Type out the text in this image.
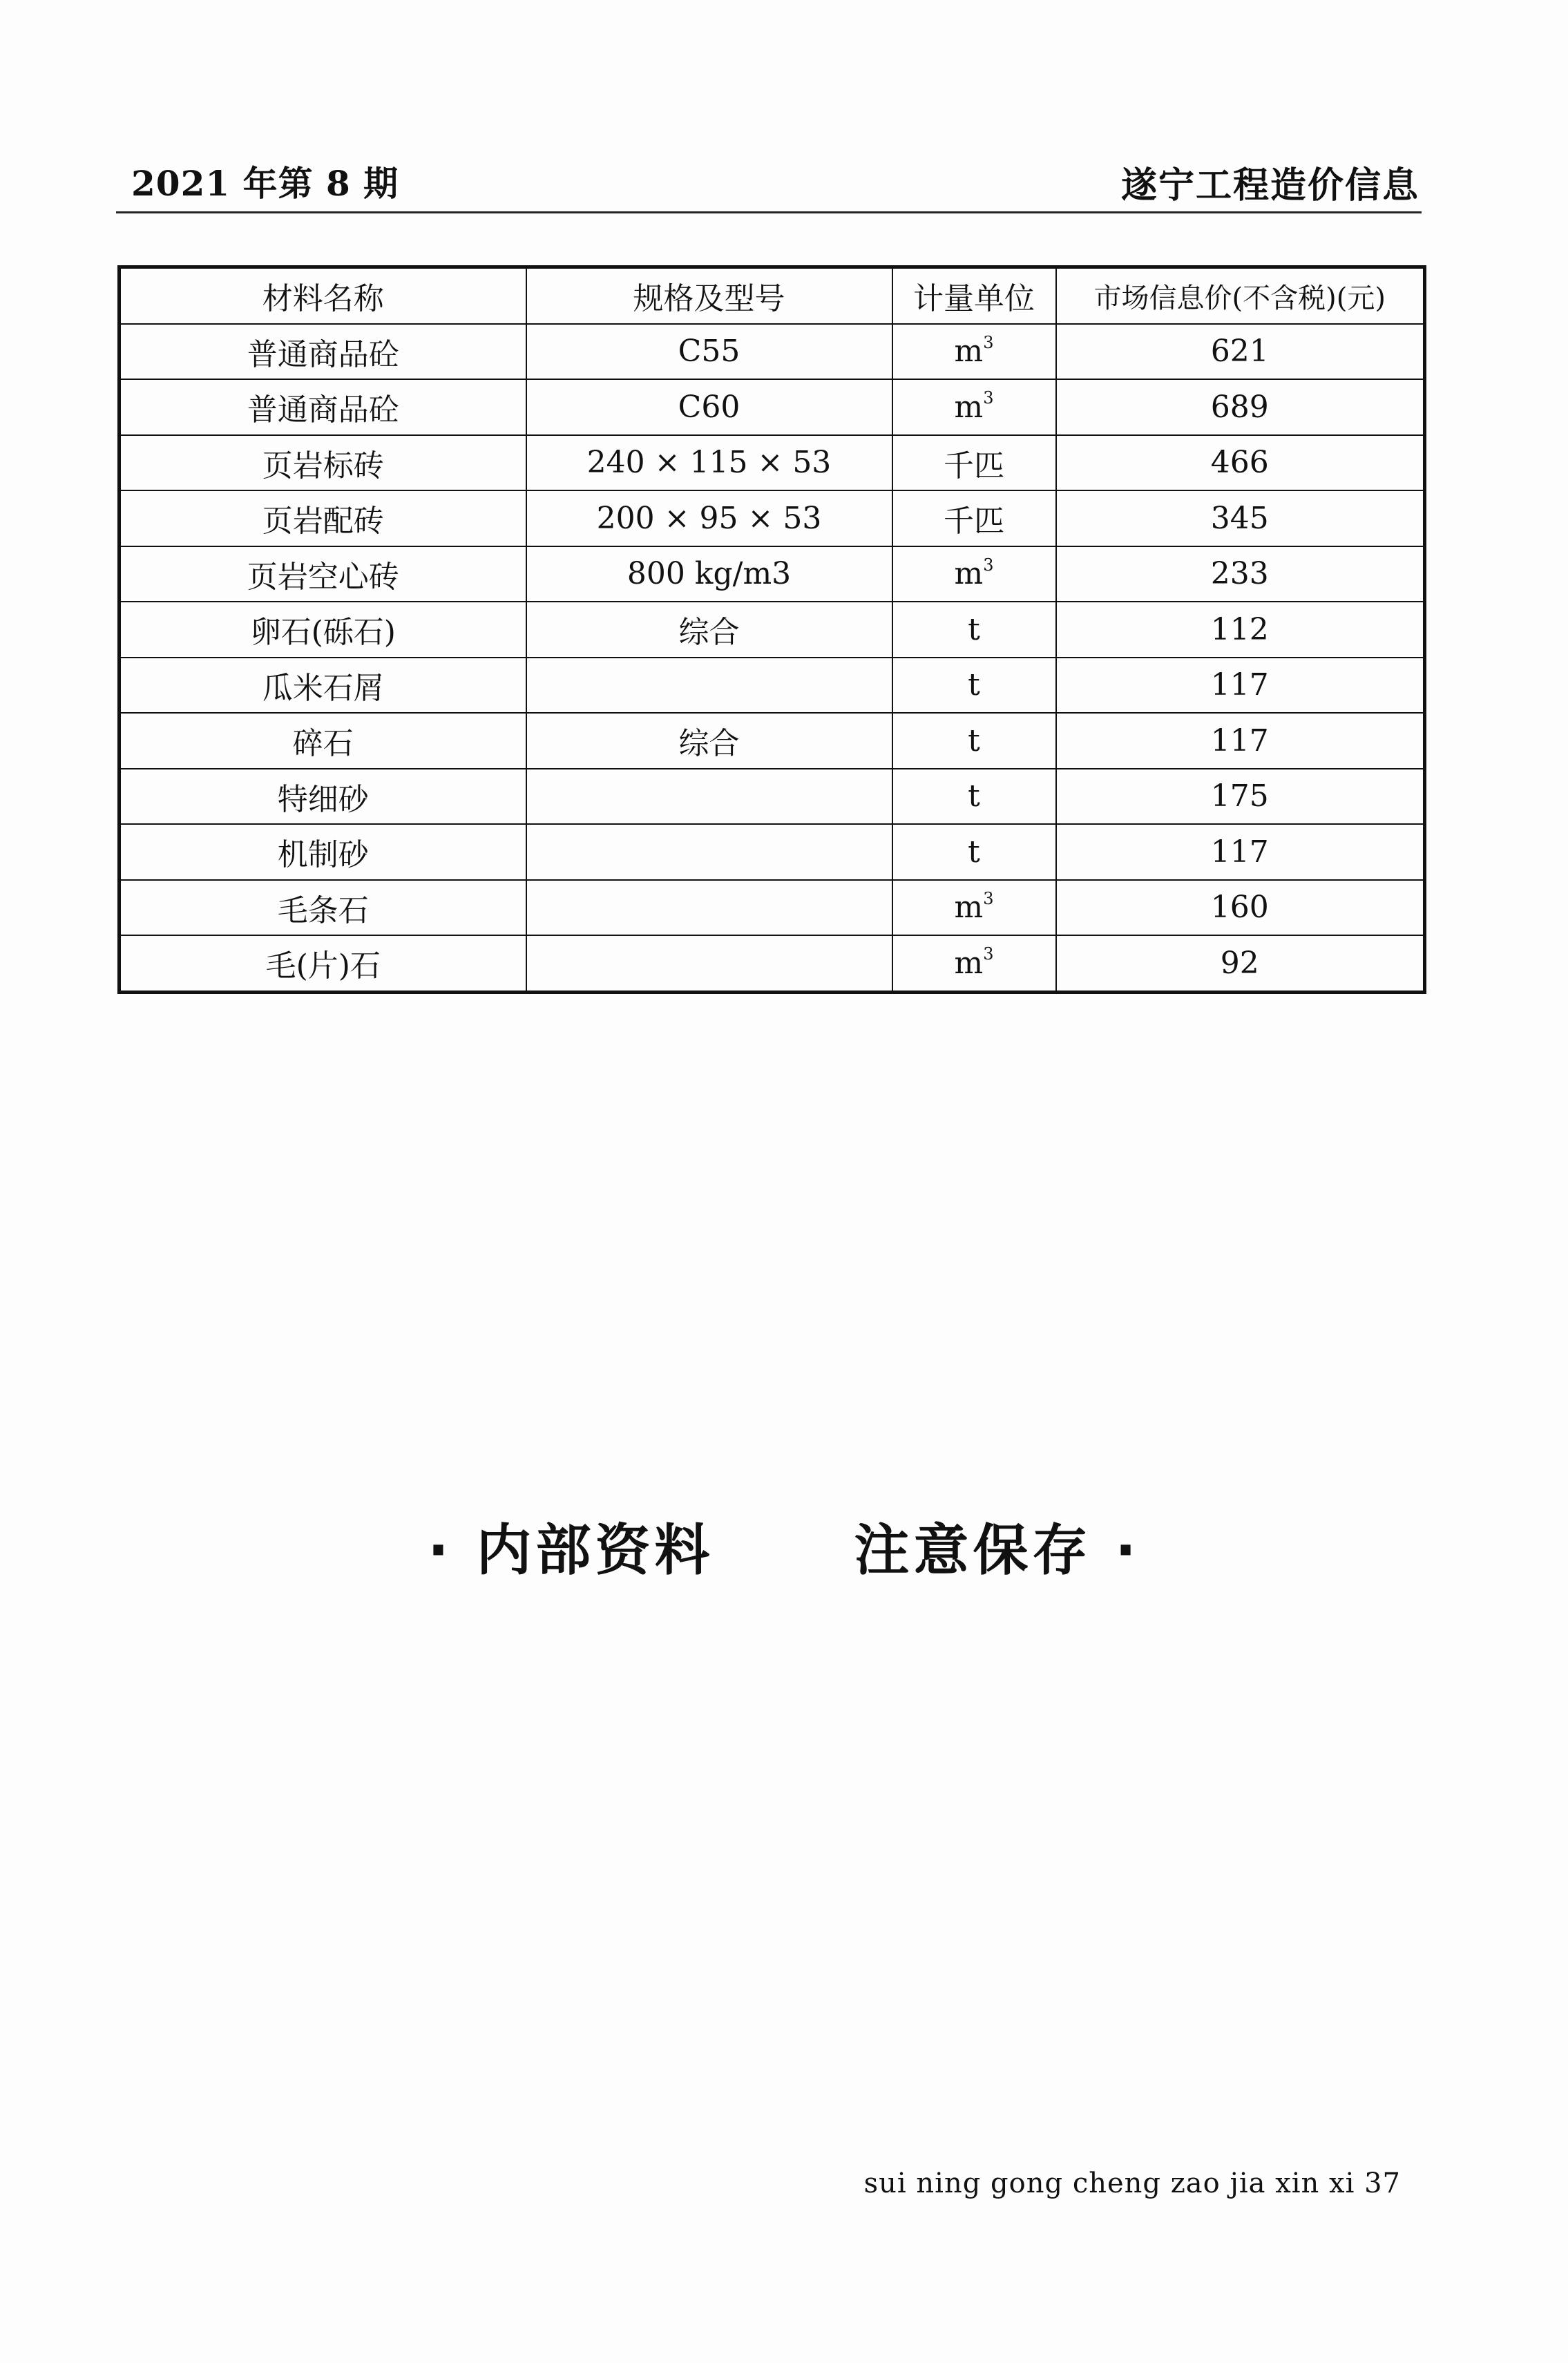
2021 年第 8 期	遂宁工程造价信息
材料名称	规格及型号	计量单位	市场信息价(不含税)(元)
普通商品砼	C55	$m^3$	621
普通商品砼	C60	$m^3$	689
页岩标砖	240 × 115 × 53	千匹	466
页岩配砖	200 × 95 × 53	千匹	345
页岩空心砖	800 kg/m3	$m^3$	233
卵石(砾石)	综合	t	112
瓜米石屑		t	117
碎石	综合	t	117
特细砂		t	175
机制砂		t	117
毛条石		$m^3$	160
毛(片)石		$m^3$	92
· 内部资料      注意保存 ·
sui ning gong cheng zao jia xin xi 37
